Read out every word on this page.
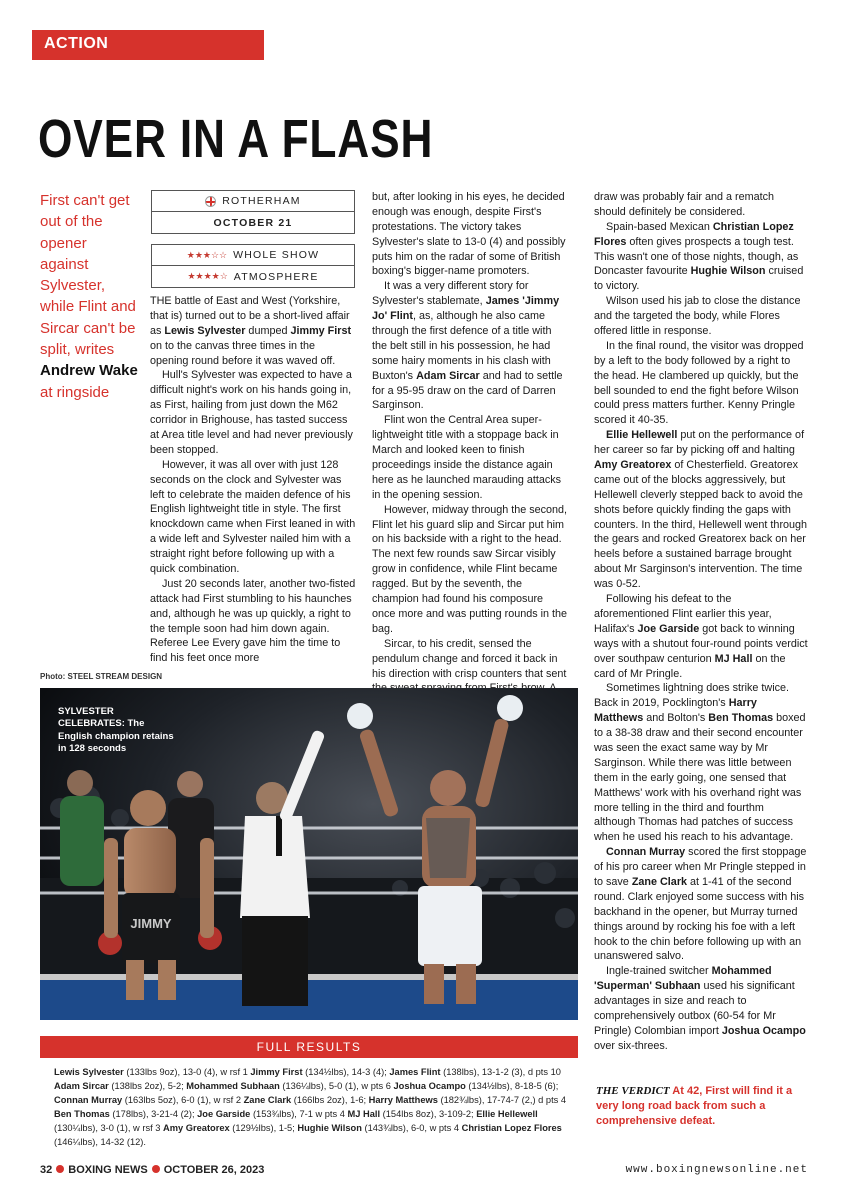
ACTION
OVER IN A FLASH
First can't get out of the opener against Sylvester, while Flint and Sircar can't be split, writes Andrew Wake at ringside
ROTHERHAM
OCTOBER 21
★★★☆☆ WHOLE SHOW
★★★★☆ ATMOSPHERE

THE battle of East and West (Yorkshire, that is) turned out to be a short-lived affair as Lewis Sylvester dumped Jimmy First on to the canvas three times in the opening round before it was waved off.

Hull's Sylvester was expected to have a difficult night's work on his hands going in, as First, hailing from just down the M62 corridor in Brighouse, has tasted success at Area title level and had never previously been stopped.

However, it was all over with just 128 seconds on the clock and Sylvester was left to celebrate the maiden defence of his English lightweight title in style. The first knockdown came when First leaned in with a wide left and Sylvester nailed him with a straight right before following up with a quick combination.

Just 20 seconds later, another two-fisted attack had First stumbling to his haunches and, although he was up quickly, a right to the temple soon had him down again. Referee Lee Every gave him the time to find his feet once more

but, after looking in his eyes, he decided enough was enough, despite First's protestations. The victory takes Sylvester's slate to 13-0 (4) and possibly puts him on the radar of some of British boxing's bigger-name promoters.

It was a very different story for Sylvester's stablemate, James 'Jimmy Jo' Flint, as, although he also came through the first defence of a title with the belt still in his possession, he had some hairy moments in his clash with Buxton's Adam Sircar and had to settle for a 95-95 draw on the card of Darren Sarginson.

Flint won the Central Area super-lightweight title with a stoppage back in March and looked keen to finish proceedings inside the distance again here as he launched marauding attacks in the opening session.

However, midway through the second, Flint let his guard slip and Sircar put him on his backside with a right to the head. The next few rounds saw Sircar visibly grow in confidence, while Flint became ragged. But by the seventh, the champion had found his composure once more and was putting rounds in the bag.

Sircar, to his credit, sensed the pendulum change and forced it back in his direction with crisp counters that sent

draw was probably fair and a rematch should definitely be considered.

Spain-based Mexican Christian Lopez Flores often gives prospects a tough test. This wasn't one of those nights, though, as Doncaster favourite Hughie Wilson cruised to victory.

Wilson used his jab to close the distance and the targeted the body, while Flores offered little in response.

In the final round, the visitor was dropped by a left to the body followed by a right to the head. He clambered up quickly, but the bell sounded to end the fight before Wilson could press matters further. Kenny Pringle scored it 40-35.

Ellie Hellewell put on the performance of her career so far by picking off and halting Amy Greatorex of Chesterfield. Greatorex came out of the blocks aggressively, but Hellewell cleverly stepped back to avoid the shots before quickly finding the gaps with counters. In the third, Hellewell went through the gears and rocked Greatorex back on her heels before a sustained barrage brought about Mr Sarginson's intervention. The time was 0-52.

Following his defeat to the aforementioned Flint earlier this year, Halifax's Joe Garside got back to winning ways with a shutout four-round points verdict over southpaw centurion MJ Hall on the card of Mr Pringle.

Sometimes lightning does strike twice. Back in 2019, Pocklington's Harry Matthews and Bolton's Ben Thomas boxed to a 38-38 draw and their second encounter was seen the exact same way by Mr Sarginson. While there was little between them in the early going, one sensed that Matthews' work with his overhand right was more telling in the third and fourthm although Thomas had patches of success when he used his reach to his advantage.

Connan Murray scored the first stoppage of his pro career when Mr Pringle stepped in to save Zane Clark at 1-41 of the second round. Clark enjoyed some success with his backhand in the opener, but Murray turned things around by rocking his foe with a left hook to the chin before following up with an unanswered salvo.

Ingle-trained switcher Mohammed 'Superman' Subhaan used his significant advantages in size and reach to comprehensively outbox (60-54 for Mr Pringle) Colombian import Joshua Ocampo over six-threes.

Photo: STEEL STREAM DESIGN
JIMMY
SYLVESTER CELEBRATES: The English champion retains in 128 seconds
FULL RESULTS
Lewis Sylvester (133lbs 9oz), 13-0 (4), w rsf 1 Jimmy First (134½lbs), 14-3 (4); James Flint (138lbs), 13-1-2 (3), d pts 10 Adam Sircar (138lbs 2oz), 5-2; Mohammed Subhaan (136¼lbs), 5-0 (1), w pts 6 Joshua Ocampo (134½lbs), 8-18-5 (6); Connan Murray (163lbs 5oz), 6-0 (1), w rsf 2 Zane Clark (166lbs 2oz), 1-6; Harry Matthews (182¾lbs), 17-74-7 (2,) d pts 4 Ben Thomas (178lbs), 3-21-4 (2); Joe Garside (153¾lbs), 7-1 w pts 4 MJ Hall (154lbs 8oz), 3-109-2; Ellie Hellewell (130¼lbs), 3-0 (1), w rsf 3 Amy Greatorex (129½lbs), 1-5; Hughie Wilson (143¾lbs), 6-0, w pts 4 Christian Lopez Flores (146¼lbs), 14-32 (12).
THE VERDICT At 42, First will find it a very long road back from such a comprehensive defeat.
32 BOXING NEWS OCTOBER 26, 2023	www.boxingnewsonline.net
